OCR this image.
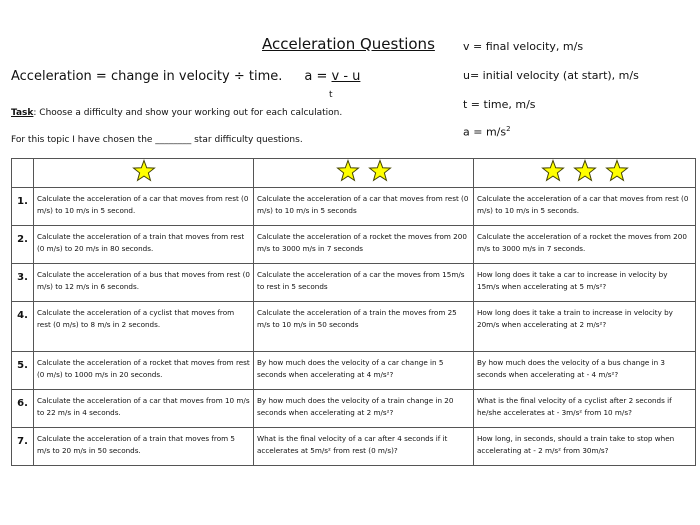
Acceleration Questions
Acceleration = change in velocity ÷ time. a = v - u
t
Task: Choose a difficulty and show your working out for each calculation.
For this topic I have chosen the ________ star difficulty questions.
v = final velocity, m/s
u= initial velocity (at start), m/s
t = time, m/s
$a = m/s^2$

1.	Calculate the acceleration of a car that moves from rest (0 m/s) to 10 m/s in 5 second.	Calculate the acceleration of a car that moves from rest (0 m/s) to 10 m/s in 5 seconds	Calculate the acceleration of a car that moves from rest (0 m/s) to 10 m/s in 5 seconds.
2.	Calculate the acceleration of a train that moves from rest (0 m/s) to 20 m/s in 80 seconds.	Calculate the acceleration of a rocket the moves from 200 m/s to 3000 m/s in 7 seconds	Calculate the acceleration of a rocket the moves from 200 m/s to 3000 m/s in 7 seconds.
3.	Calculate the acceleration of a bus that moves from rest (0 m/s) to 12 m/s in 6 seconds.	Calculate the acceleration of a car the moves from 15m/s to rest in 5 seconds	How long does it take a car to increase in velocity by 15m/s when accelerating at 5 m/s²?
4.	Calculate the acceleration of a cyclist that moves from rest (0 m/s) to 8 m/s in 2 seconds.	Calculate the acceleration of a train the moves from 25 m/s to 10 m/s in 50 seconds	How long does it take a train to increase in velocity by 20m/s when accelerating at 2 m/s²?
5.	Calculate the acceleration of a rocket that moves from rest (0 m/s) to 1000 m/s in 20 seconds.	By how much does the velocity of a car change in 5 seconds when accelerating at 4 m/s²?	By how much does the velocity of a bus change in 3 seconds when accelerating at - 4 m/s²?
6.	Calculate the acceleration of a car that moves from 10 m/s to 22 m/s in 4 seconds.	By how much does the velocity of a train change in 20 seconds when accelerating at 2 m/s²?	What is the final velocity of a cyclist after 2 seconds if he/she accelerates at - 3m/s² from 10 m/s?
7.	Calculate the acceleration of a train that moves from 5 m/s to 20 m/s in 50 seconds.	What is the final velocity of a car after 4 seconds if it accelerates at 5m/s² from rest (0 m/s)?	How long, in seconds, should a train take to stop when accelerating at - 2 m/s² from 30m/s?
